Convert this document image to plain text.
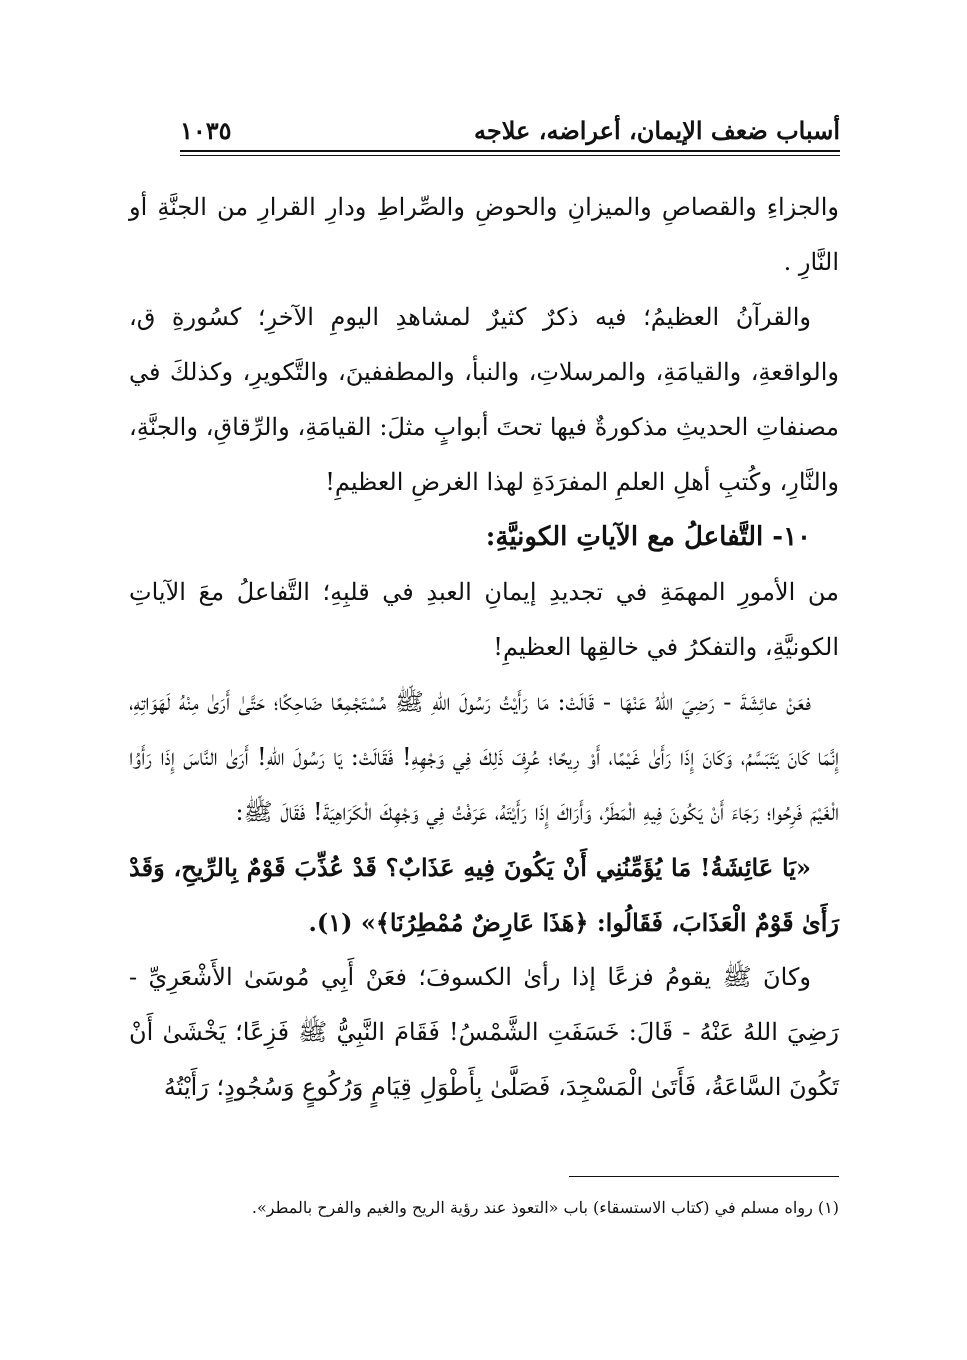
أسباب ضعف الإيمان، أعراضه، علاجه
١٠٣٥

والجزاءِ والقصاصِ والميزانِ والحوضِ والصِّراطِ ودارِ القرارِ من الجنَّةِ أو النَّارِ .

والقرآنُ العظيمُ؛ فيه ذكرٌ كثيرٌ لمشاهدِ اليومِ الآخرِ؛ كسُورةِ ق، والواقعةِ، والقيامَةِ، والمرسلاتِ، والنبأ، والمطففينَ، والتَّكويرِ، وكذلكَ في مصنفاتِ الحديثِ مذكورةٌ فيها تحتَ أبوابٍ مثلَ: القيامَةِ، والرِّقاقِ، والجنَّةِ، والنَّارِ، وكُتبِ أهلِ العلمِ المفرَدَةِ لهذا الغرضِ العظيمِ!

١٠- التَّفاعلُ مع الآياتِ الكونيَّةِ:

من الأمورِ المهمَةِ في تجديدِ إيمانِ العبدِ في قلبِهِ؛ التَّفاعلُ معَ الآياتِ الكونيَّةِ، والتفكرُ في خالقِها العظيمِ!

فعَنْ عائِشَةَ - رَضِيَ اللهُ عَنْهَا - قَالَتْ: مَا رَأَيْتُ رَسُولَ اللهِ ﷺ مُسْتَجْمِعًا ضَاحِكًا؛ حَتَّىٰ أَرَىٰ مِنْهُ لَهَوَاتِهِ، إِنَّمَا كَانَ يَتَبَسَّمُ، وَكَانَ إِذَا رَأَىٰ غَيْمًا، أَوْ رِيحًا؛ عُرِفَ ذَلِكَ فِي وَجْهِهِ! فَقَالَتْ: يَا رَسُولَ اللهِ! أَرَىٰ النَّاسَ إِذَا رَأَوُا الْغَيْمَ فَرِحُوا؛ رَجَاءَ أَنْ يَكُونَ فِيهِ الْمَطَرُ، وَأَرَاكَ إِذَا رَأَيْتَهُ، عَرَفْتُ فِي وَجْهِكَ الْكَرَاهِيَةَ! فَقَالَ ﷺ:

«يَا عَائِشَةُ! مَا يُؤَمِّنُنِي أَنْ يَكُونَ فِيهِ عَذَابٌ؟ قَدْ عُذِّبَ قَوْمٌ بِالرِّيحِ، وَقَدْ رَأَىٰ قَوْمٌ الْعَذَابَ، فَقَالُوا: ﴿هَذَا عَارِضٌ مُمْطِرُنَا﴾» (١).

وكانَ ﷺ يقومُ فزعًا إذا رأىٰ الكسوفَ؛ فعَنْ أَبِي مُوسَىٰ الأَشْعَرِيِّ - رَضِيَ اللهُ عَنْهُ - قَالَ: خَسَفَتِ الشَّمْسُ! فَقَامَ النَّبِيُّ ﷺ فَزِعًا؛ يَخْشَىٰ أَنْ تَكُونَ السَّاعَةُ، فَأَتَىٰ الْمَسْجِدَ، فَصَلَّىٰ بِأَطْوَلِ قِيَامٍ وَرُكُوعٍ وَسُجُودٍ؛ رَأَيْتُهُ

(١) رواه مسلم في (كتاب الاستسقاء) باب «التعوذ عند رؤية الريح والغيم والفرح بالمطر».
